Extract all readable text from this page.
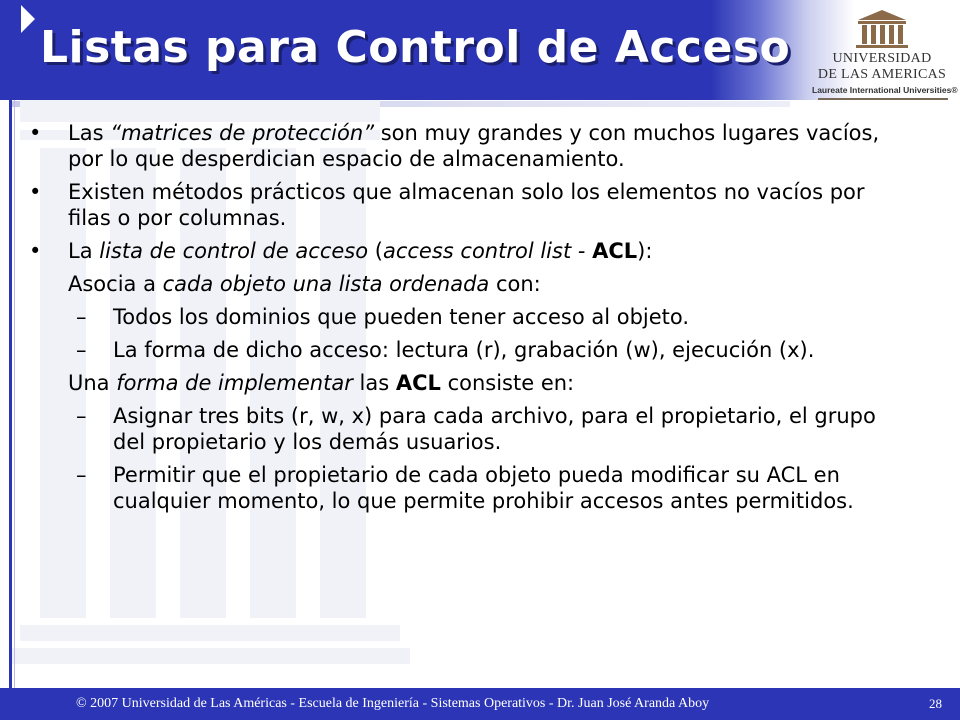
Listas para Control de Acceso	UNIVERSIDAD
DE LAS AMERICAS
Laureate International Universities®
• Las “matrices de protección” son muy grandes y con muchos lugares vacíos, por lo que desperdician espacio de almacenamiento.
• Existen métodos prácticos que almacenan solo los elementos no vacíos por filas o por columnas.
• La lista de control de acceso (access control list - ACL):
Asocia a cada objeto una lista ordenada con:
– Todos los dominios que pueden tener acceso al objeto.
– La forma de dicho acceso: lectura (r), grabación (w), ejecución (x).
Una forma de implementar las ACL consiste en:
– Asignar tres bits (r, w, x) para cada archivo, para el propietario, el grupo del propietario y los demás usuarios.
– Permitir que el propietario de cada objeto pueda modificar su ACL en cualquier momento, lo que permite prohibir accesos antes permitidos.
© 2007 Universidad de Las Américas - Escuela de Ingeniería - Sistemas Operativos - Dr. Juan José Aranda Aboy	28
